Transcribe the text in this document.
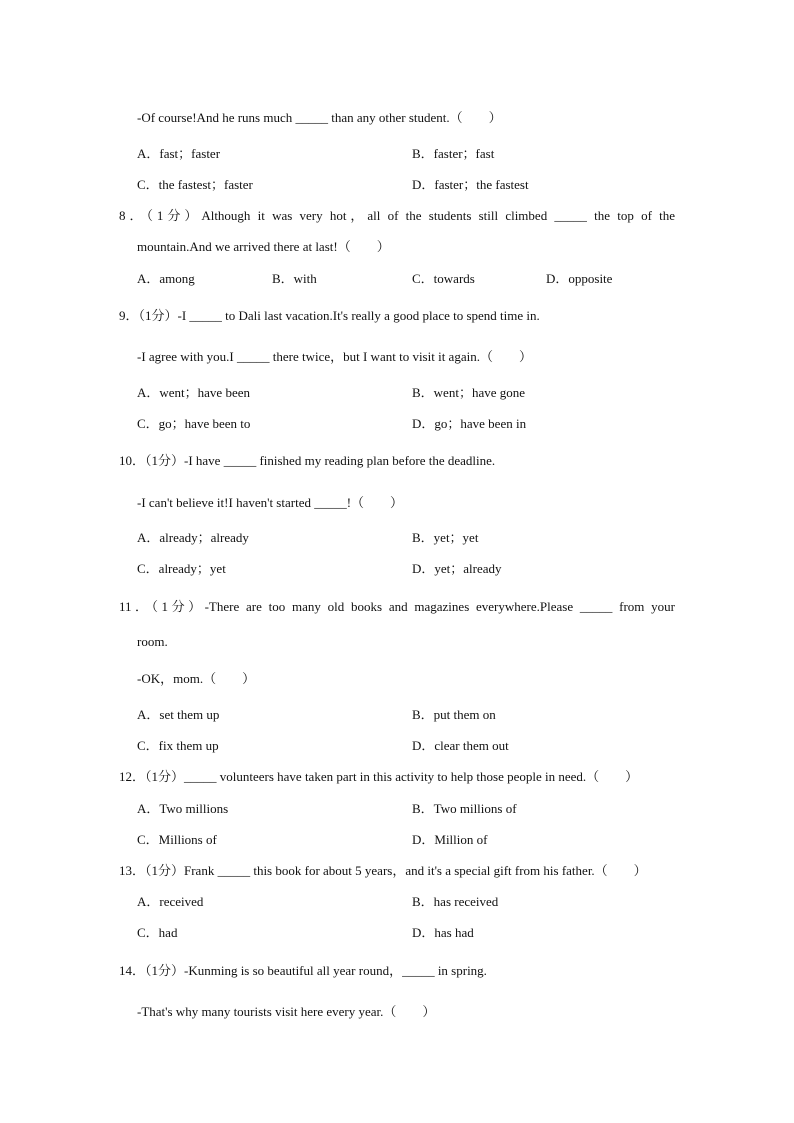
-Of course!And he runs much _____ than any other student.（　　）
A．fast；faster	B．faster；fast
C．the fastest；faster	D．faster；the fastest
8．（1分）Although it was very hot，all of the students still climbed _____ the top of the
mountain.And we arrived there at last!（　　）
A．among	B．with	C．towards	D．opposite
9．（1分）-I _____ to Dali last vacation.It's really a good place to spend time in.
-I agree with you.I _____ there twice，but I want to visit it again.（　　）
A．went；have been	B．went；have gone
C．go；have been to	D．go；have been in
10．（1分）-I have _____ finished my reading plan before the deadline.
-I can't believe it!I haven't started _____!（　　）
A．already；already	B．yet；yet
C．already；yet	D．yet；already
11．（1分）-There are too many old books and magazines everywhere.Please _____ from your
room.
-OK，mom.（　　）
A．set them up	B．put them on
C．fix them up	D．clear them out
12．（1分）_____ volunteers have taken part in this activity to help those people in need.（　　）
A．Two millions	B．Two millions of
C．Millions of	D．Million of
13．（1分）Frank _____ this book for about 5 years，and it's a special gift from his father.（　　）
A．received	B．has received
C．had	D．has had
14．（1分）-Kunming is so beautiful all year round，_____ in spring.
-That's why many tourists visit here every year.（　　）
